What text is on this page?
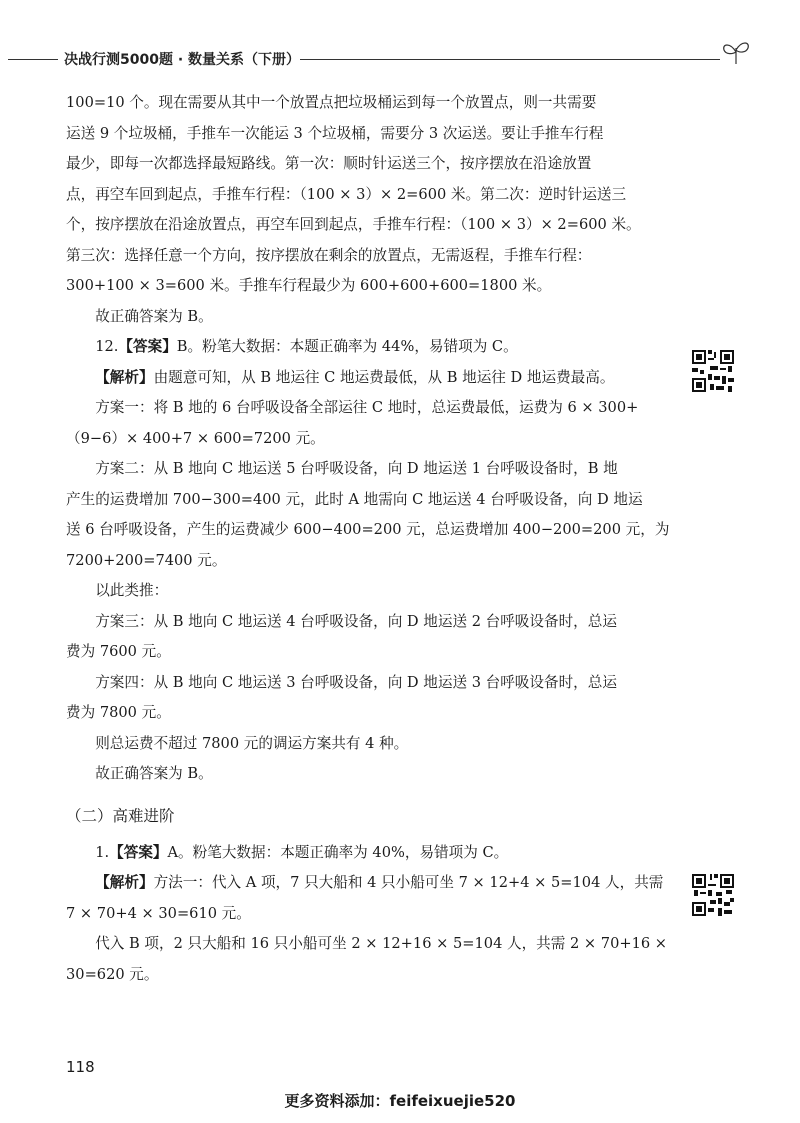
决战行测5000题 · 数量关系（下册）

100=10 个。现在需要从其中一个放置点把垃圾桶运到每一个放置点，则一共需要
运送 9 个垃圾桶，手推车一次能运 3 个垃圾桶，需要分 3 次运送。要让手推车行程
最少，即每一次都选择最短路线。第一次：顺时针运送三个，按序摆放在沿途放置
点，再空车回到起点，手推车行程：（100 × 3）× 2=600 米。第二次：逆时针运送三
个，按序摆放在沿途放置点，再空车回到起点，手推车行程：（100 × 3）× 2=600 米。
第三次：选择任意一个方向，按序摆放在剩余的放置点，无需返程，手推车行程：
300+100 × 3=600 米。手推车行程最少为 600+600+600=1800 米。

故正确答案为 B。

12.【答案】B。粉笔大数据：本题正确率为 44%，易错项为 C。

【解析】由题意可知，从 B 地运往 C 地运费最低，从 B 地运往 D 地运费最高。

方案一：将 B 地的 6 台呼吸设备全部运往 C 地时，总运费最低，运费为 6 × 300+
（9−6）× 400+7 × 600=7200 元。

方案二：从 B 地向 C 地运送 5 台呼吸设备，向 D 地运送 1 台呼吸设备时，B 地
产生的运费增加 700−300=400 元，此时 A 地需向 C 地运送 4 台呼吸设备，向 D 地运
送 6 台呼吸设备，产生的运费减少 600−400=200 元，总运费增加 400−200=200 元，为
7200+200=7400 元。

以此类推：

方案三：从 B 地向 C 地运送 4 台呼吸设备，向 D 地运送 2 台呼吸设备时，总运
费为 7600 元。

方案四：从 B 地向 C 地运送 3 台呼吸设备，向 D 地运送 3 台呼吸设备时，总运
费为 7800 元。

则总运费不超过 7800 元的调运方案共有 4 种。

故正确答案为 B。

（二）高难进阶

1.【答案】A。粉笔大数据：本题正确率为 40%，易错项为 C。

【解析】方法一：代入 A 项，7 只大船和 4 只小船可坐 7 × 12+4 × 5=104 人，共需
7 × 70+4 × 30=610 元。

代入 B 项，2 只大船和 16 只小船可坐 2 × 12+16 × 5=104 人，共需 2 × 70+16 ×
30=620 元。

118
更多资料添加：feifeixuejie520
